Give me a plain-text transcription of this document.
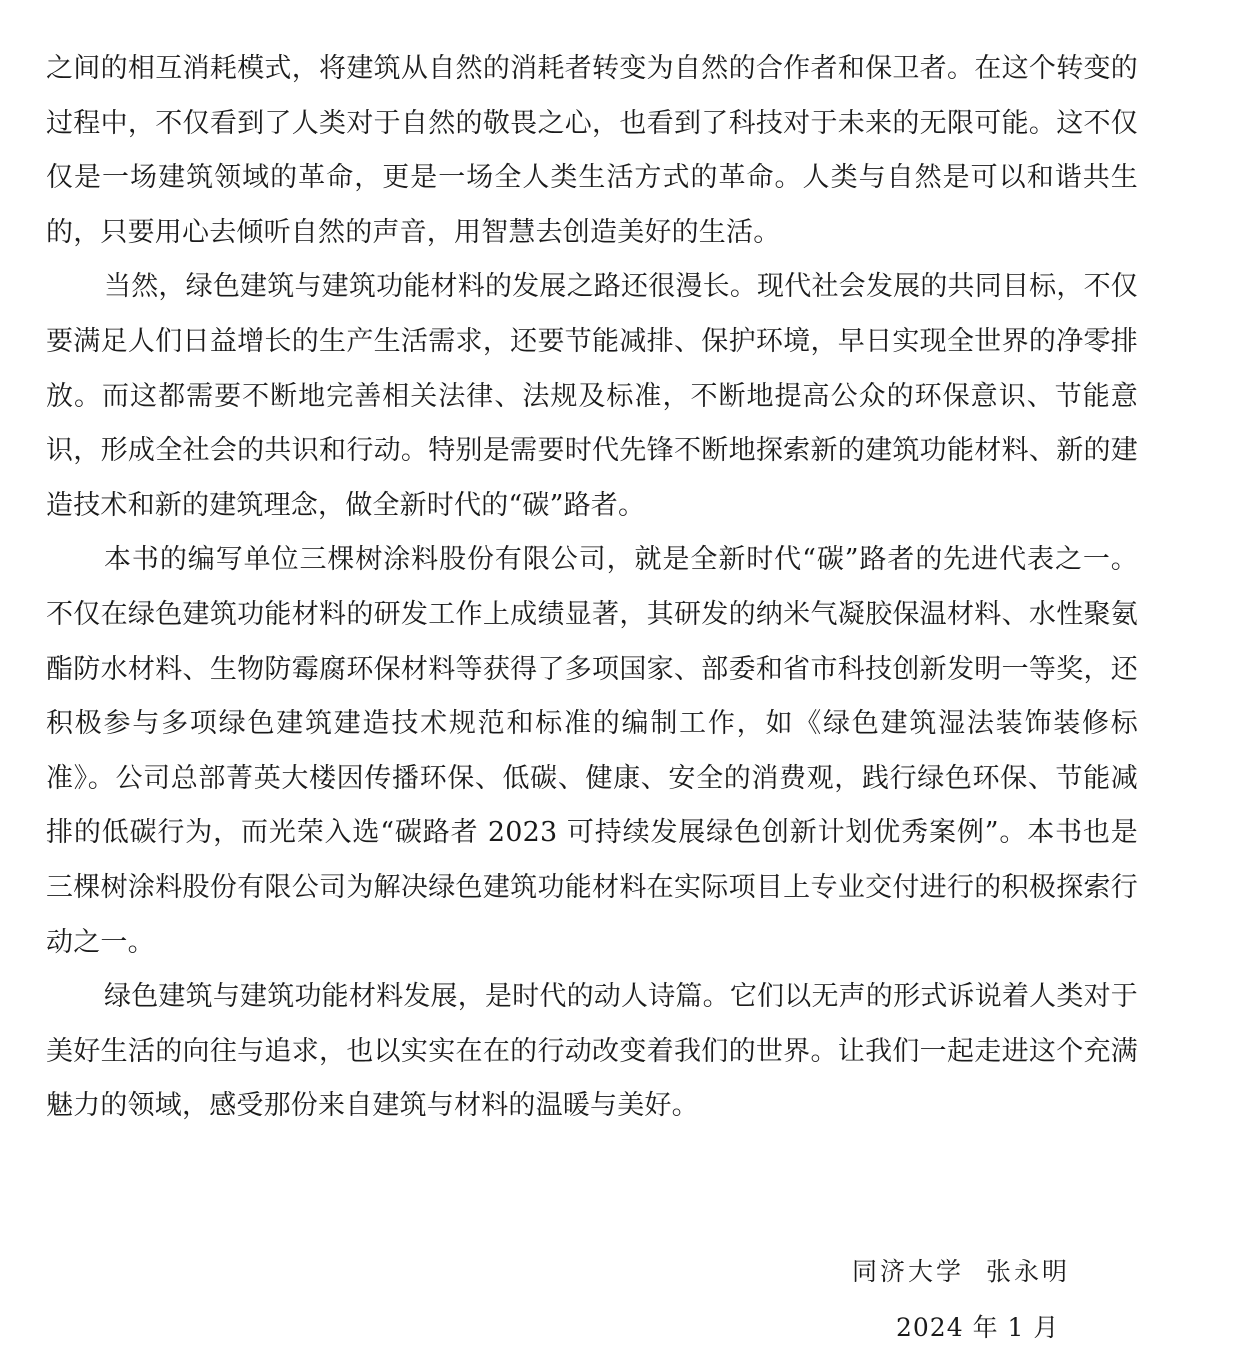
之间的相互消耗模式，将建筑从自然的消耗者转变为自然的合作者和保卫者。在这个转变的过程中，不仅看到了人类对于自然的敬畏之心，也看到了科技对于未来的无限可能。这不仅仅是一场建筑领域的革命，更是一场全人类生活方式的革命。人类与自然是可以和谐共生的，只要用心去倾听自然的声音，用智慧去创造美好的生活。

当然，绿色建筑与建筑功能材料的发展之路还很漫长。现代社会发展的共同目标，不仅要满足人们日益增长的生产生活需求，还要节能减排、保护环境，早日实现全世界的净零排放。而这都需要不断地完善相关法律、法规及标准，不断地提高公众的环保意识、节能意识，形成全社会的共识和行动。特别是需要时代先锋不断地探索新的建筑功能材料、新的建造技术和新的建筑理念，做全新时代的“碳”路者。

本书的编写单位三棵树涂料股份有限公司，就是全新时代“碳”路者的先进代表之一。不仅在绿色建筑功能材料的研发工作上成绩显著，其研发的纳米气凝胶保温材料、水性聚氨酯防水材料、生物防霉腐环保材料等获得了多项国家、部委和省市科技创新发明一等奖，还积极参与多项绿色建筑建造技术规范和标准的编制工作，如《绿色建筑湿法装饰装修标准》。公司总部菁英大楼因传播环保、低碳、健康、安全的消费观，践行绿色环保、节能减排的低碳行为，而光荣入选“碳路者 2023 可持续发展绿色创新计划优秀案例”。本书也是三棵树涂料股份有限公司为解决绿色建筑功能材料在实际项目上专业交付进行的积极探索行动之一。

绿色建筑与建筑功能材料发展，是时代的动人诗篇。它们以无声的形式诉说着人类对于美好生活的向往与追求，也以实实在在的行动改变着我们的世界。让我们一起走进这个充满魅力的领域，感受那份来自建筑与材料的温暖与美好。

同济大学 张永明
2024 年 1 月
